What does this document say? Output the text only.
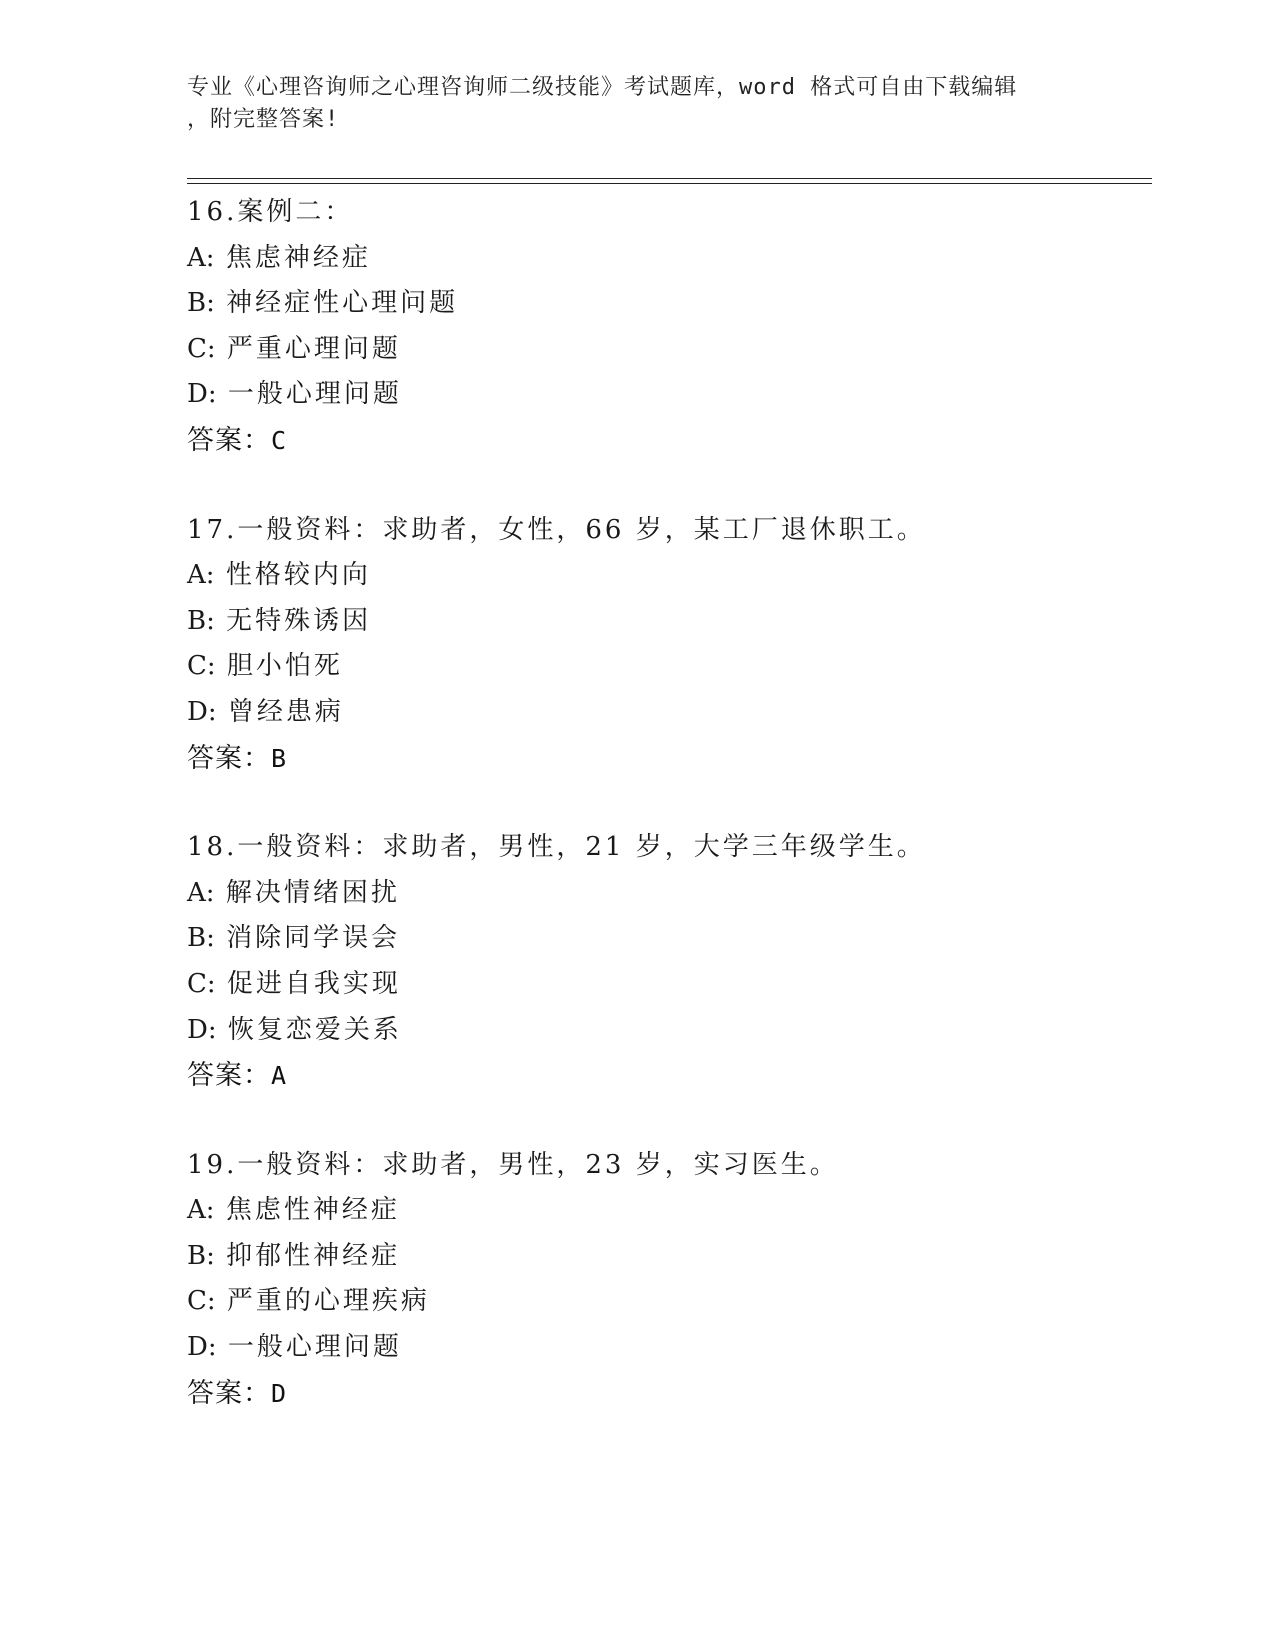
专业《心理咨询师之心理咨询师二级技能》考试题库，word 格式可自由下载编辑

，附完整答案!

16.案例二：
A: 焦虑神经症
B: 神经症性心理问题
C: 严重心理问题
D: 一般心理问题
答案：C
17.一般资料：求助者，女性，66 岁，某工厂退休职工。
A: 性格较内向
B: 无特殊诱因
C: 胆小怕死
D: 曾经患病
答案：B
18.一般资料：求助者，男性，21 岁，大学三年级学生。
A: 解决情绪困扰
B: 消除同学误会
C: 促进自我实现
D: 恢复恋爱关系
答案：A
19.一般资料：求助者，男性，23 岁，实习医生。
A: 焦虑性神经症
B: 抑郁性神经症
C: 严重的心理疾病
D: 一般心理问题
答案：D
